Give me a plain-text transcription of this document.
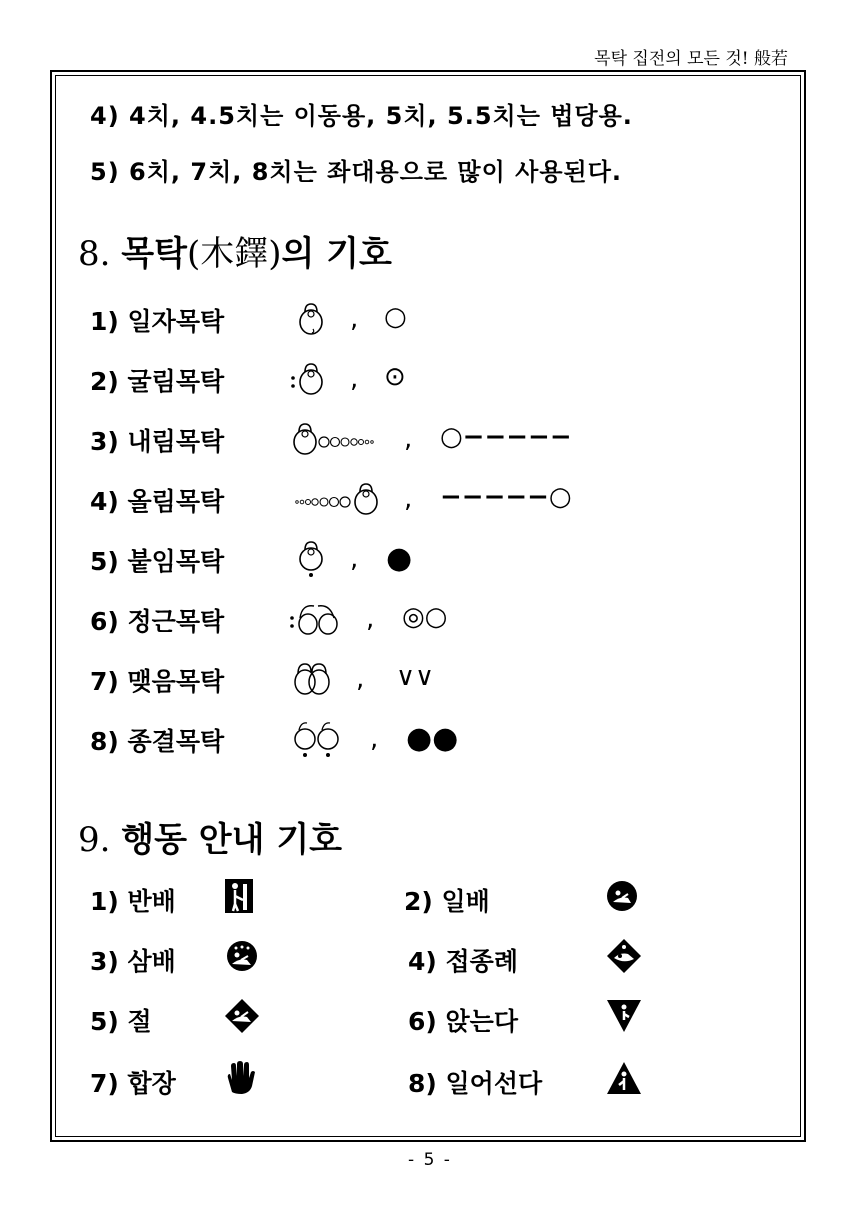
목탁 집전의 모든 것! 般若
4) 4치, 4.5치는 이동용, 5치, 5.5치는 법당용.
5) 6치, 7치, 8치는 좌대용으로 많이 사용된다.
8. 목탁(木鐸)의 기호
1) 일자목탁	, ○
2) 굴림목탁	, ⊙
3) 내림목탁	, ○−−−−−
4) 올림목탁	, −−−−−○
5) 붙임목탁	, ●
6) 정근목탁	, ◎○
7) 맺음목탁	, ∨∨
8) 종결목탁	, ●●
9. 행동 안내 기호
1) 반배	2) 일배
3) 삼배	4) 접종례
5) 절	6) 앉는다
7) 합장	8) 일어선다
- 5 -
